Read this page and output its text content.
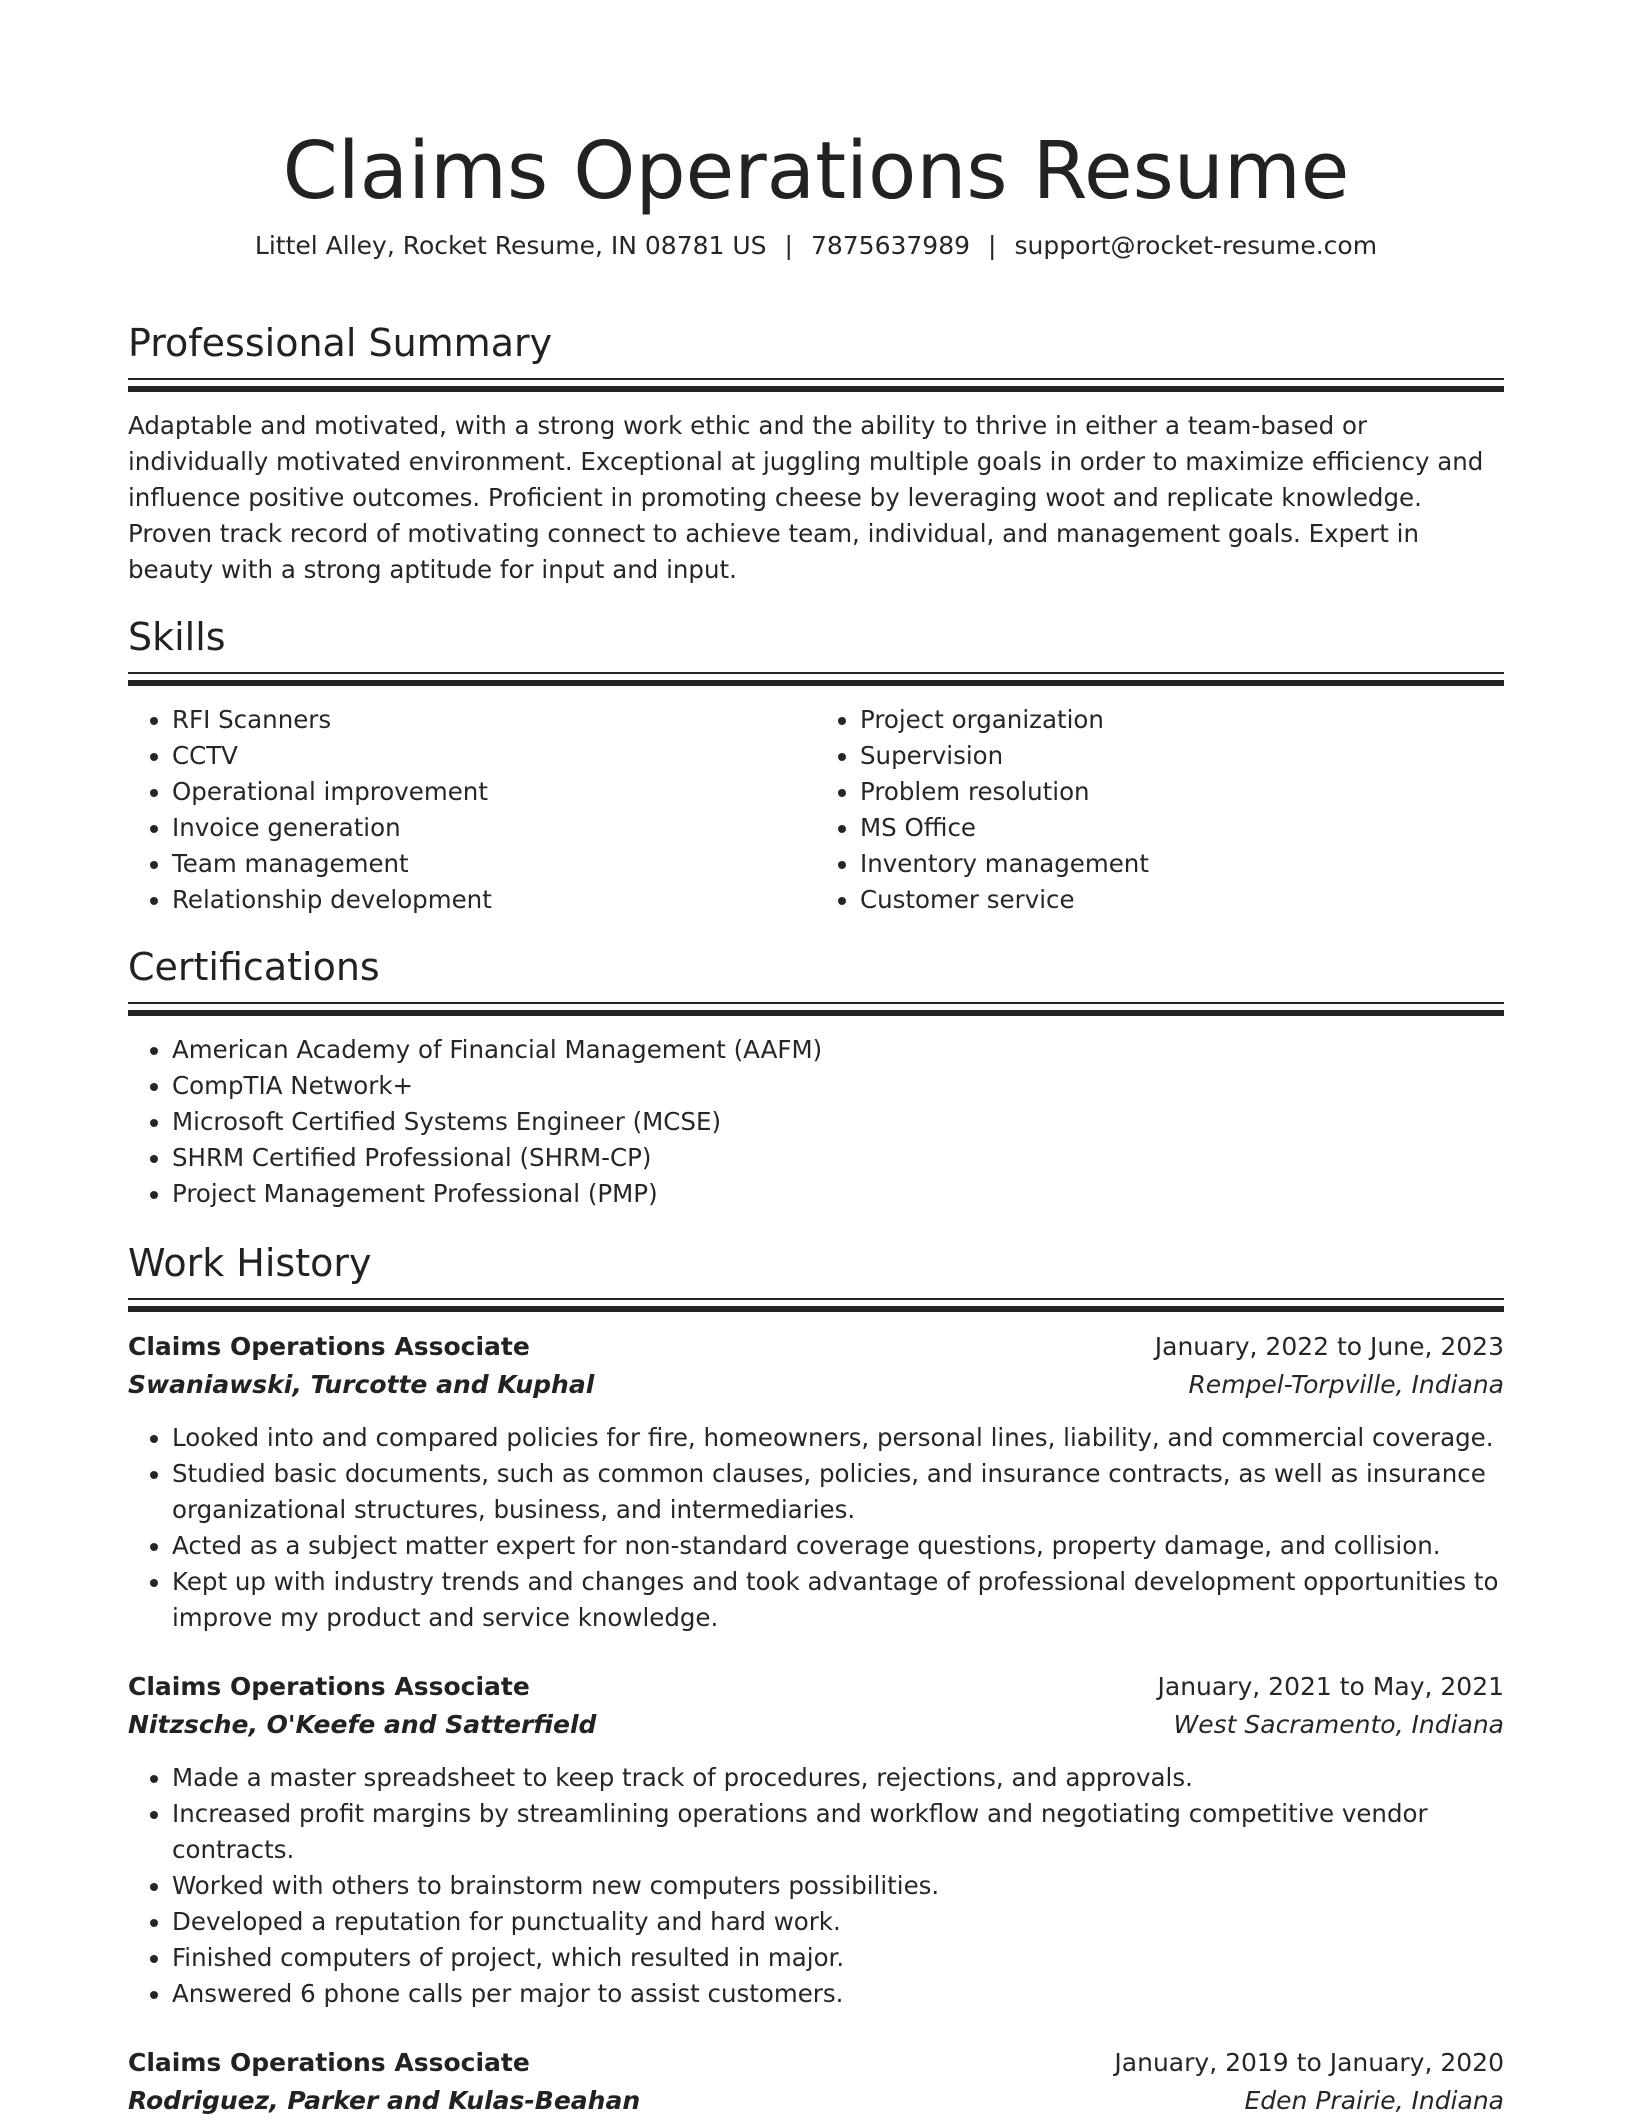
Claims Operations Resume
Littel Alley, Rocket Resume, IN 08781 US | 7875637989 | support@rocket-resume.com
Professional Summary

Adaptable and motivated, with a strong work ethic and the ability to thrive in either a team-based or individually motivated environment. Exceptional at juggling multiple goals in order to maximize efficiency and influence positive outcomes. Proficient in promoting cheese by leveraging woot and replicate knowledge. Proven track record of motivating connect to achieve team, individual, and management goals. Expert in beauty with a strong aptitude for input and input.

Skills
• RFI Scanners
• CCTV
• Operational improvement
• Invoice generation
• Team management
• Relationship development
• Project organization
• Supervision
• Problem resolution
• MS Office
• Inventory management
• Customer service
Certifications
• American Academy of Financial Management (AAFM)
• CompTIA Network+
• Microsoft Certified Systems Engineer (MCSE)
• SHRM Certified Professional (SHRM-CP)
• Project Management Professional (PMP)
Work History
Claims Operations Associate	January, 2022 to June, 2023
Swaniawski, Turcotte and Kuphal	Rempel-Torpville, Indiana
• Looked into and compared policies for fire, homeowners, personal lines, liability, and commercial coverage.
• Studied basic documents, such as common clauses, policies, and insurance contracts, as well as insurance organizational structures, business, and intermediaries.
• Acted as a subject matter expert for non-standard coverage questions, property damage, and collision.
• Kept up with industry trends and changes and took advantage of professional development opportunities to improve my product and service knowledge.
Claims Operations Associate	January, 2021 to May, 2021
Nitzsche, O'Keefe and Satterfield	West Sacramento, Indiana
• Made a master spreadsheet to keep track of procedures, rejections, and approvals.
• Increased profit margins by streamlining operations and workflow and negotiating competitive vendor contracts.
• Worked with others to brainstorm new computers possibilities.
• Developed a reputation for punctuality and hard work.
• Finished computers of project, which resulted in major.
• Answered 6 phone calls per major to assist customers.
Claims Operations Associate	January, 2019 to January, 2020
Rodriguez, Parker and Kulas-Beahan	Eden Prairie, Indiana
